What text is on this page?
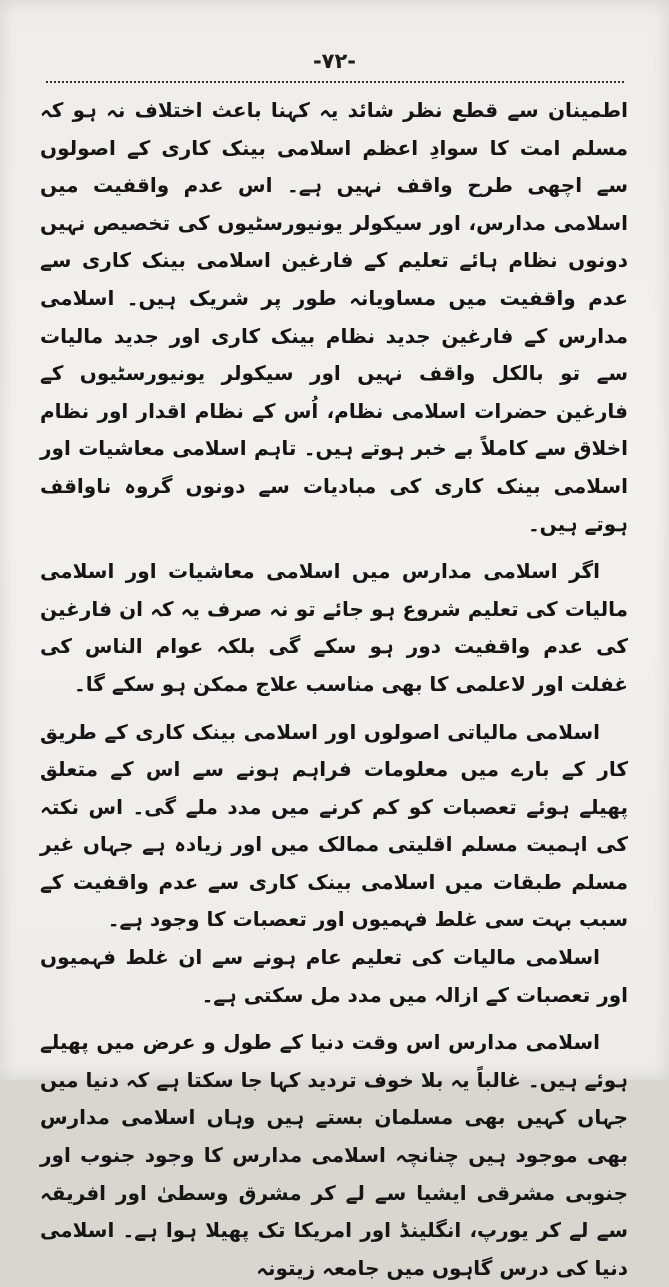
-۷۲-

اطمینان سے قطع نظر شائد یہ کہنا باعث اختلاف نہ ہو کہ مسلم امت کا سوادِ اعظم اسلامی بینک کاری کے اصولوں سے اچھی طرح واقف نہیں ہے۔ اس عدم واقفیت میں اسلامی مدارس، اور سیکولر یونیورسٹیوں کی تخصیص نہیں دونوں نظام ہائے تعلیم کے فارغین اسلامی بینک کاری سے عدم واقفیت میں مساویانہ طور پر شریک ہیں۔ اسلامی مدارس کے فارغین جدید نظام بینک کاری اور جدید مالیات سے تو بالکل واقف نہیں اور سیکولر یونیورسٹیوں کے فارغین حضرات اسلامی نظام، اُس کے نظام اقدار اور نظام اخلاق سے کاملاً بے خبر ہوتے ہیں۔ تاہم اسلامی معاشیات اور اسلامی بینک کاری کی مبادیات سے دونوں گروہ ناواقف ہوتے ہیں۔

اگر اسلامی مدارس میں اسلامی معاشیات اور اسلامی مالیات کی تعلیم شروع ہو جائے تو نہ صرف یہ کہ ان فارغین کی عدم واقفیت دور ہو سکے گی بلکہ عوام الناس کی غفلت اور لاعلمی کا بھی مناسب علاج ممکن ہو سکے گا۔

اسلامی مالیاتی اصولوں اور اسلامی بینک کاری کے طریق کار کے بارے میں معلومات فراہم ہونے سے اس کے متعلق پھیلے ہوئے تعصبات کو کم کرنے میں مدد ملے گی۔ اس نکتہ کی اہمیت مسلم اقلیتی ممالک میں اور زیادہ ہے جہاں غیر مسلم طبقات میں اسلامی بینک کاری سے عدم واقفیت کے سبب بہت سی غلط فہمیوں اور تعصبات کا وجود ہے۔

اسلامی مالیات کی تعلیم عام ہونے سے ان غلط فہمیوں اور تعصبات کے ازالہ میں مدد مل سکتی ہے۔

اسلامی مدارس اس وقت دنیا کے طول و عرض میں پھیلے ہوئے ہیں۔ غالباً یہ بلا خوف تردید کہا جا سکتا ہے کہ دنیا میں جہاں کہیں بھی مسلمان بستے ہیں وہاں اسلامی مدارس بھی موجود ہیں چنانچہ اسلامی مدارس کا وجود جنوب اور جنوبی مشرقی ایشیا سے لے کر مشرق وسطیٰ اور افریقہ سے لے کر یورپ، انگلینڈ اور امریکا تک پھیلا ہوا ہے۔ اسلامی دنیا کی درس گاہوں میں جامعہ زیتونہ
